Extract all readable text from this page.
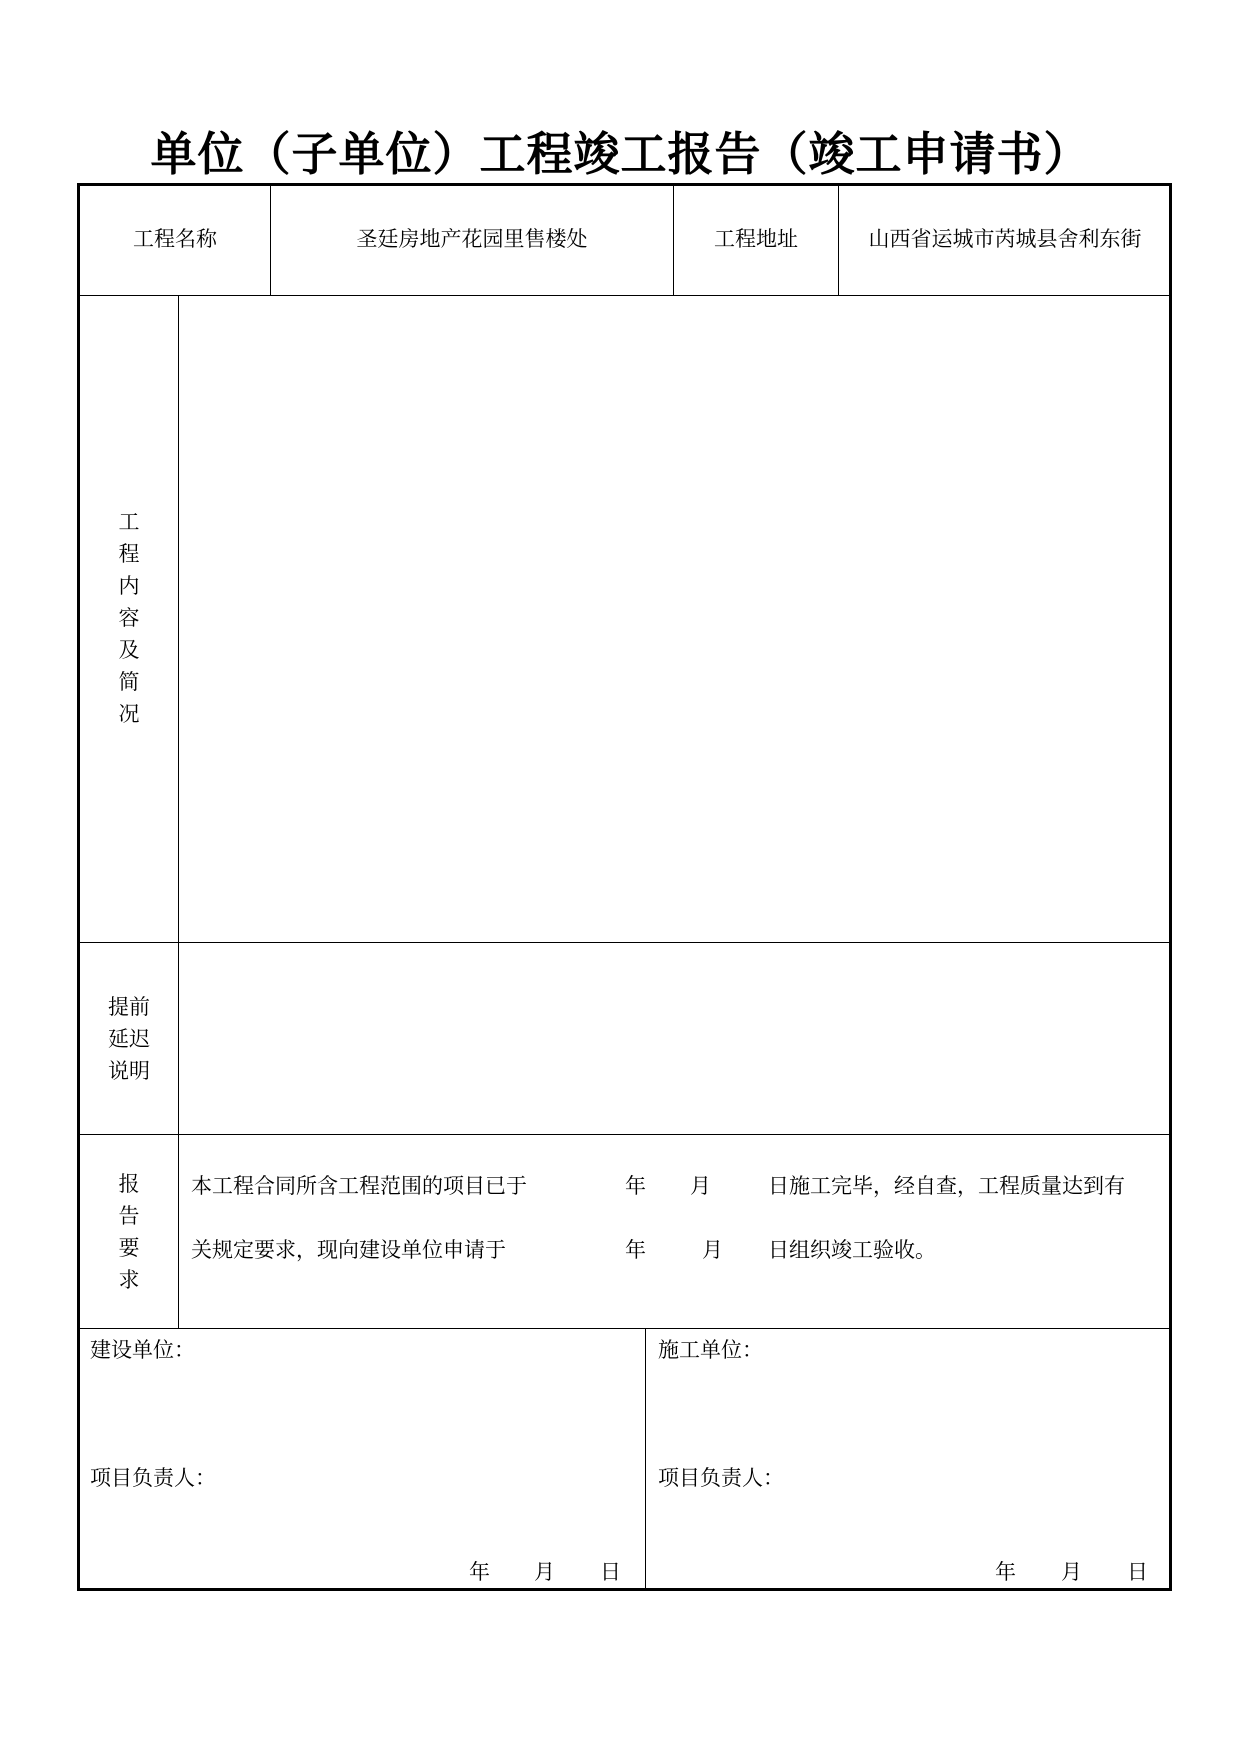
单位（子单位）工程竣工报告（竣工申请书）
工程名称	圣廷房地产花园里售楼处	工程地址	山西省运城市芮城县舍利东街
工
程
内
容
及
简
况
提前
延迟
说明
报
告
要
求
本工程合同所含工程范围的项目已于	年 月	日施工完毕，经自查，工程质量达到有
关规定要求，现向建设单位申请于	年	月 日组织竣工验收。
建设单位：
项目负责人：
年 月 日
施工单位：
项目负责人：
年 月 日
